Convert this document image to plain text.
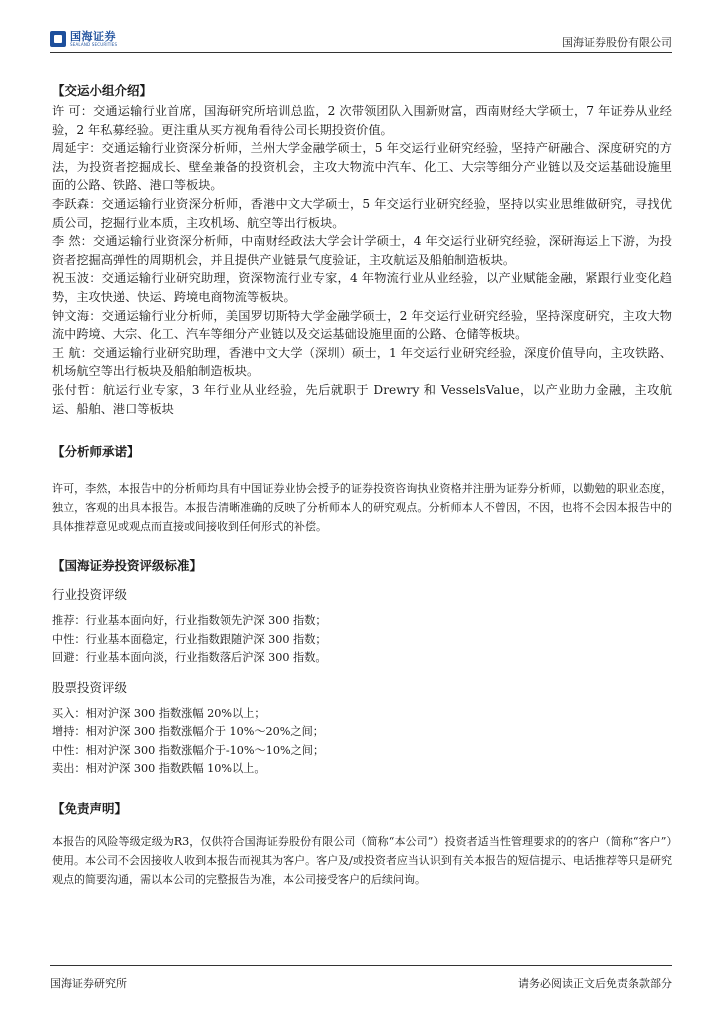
国海证券
SEALAND SECURITIES	国海证券股份有限公司
【交运小组介绍】
许 可：交通运输行业首席，国海研究所培训总监，2 次带领团队入围新财富，西南财经大学硕士，7 年证券从业经验，2 年私募经验。更注重从买方视角看待公司长期投资价值。
周延宇：交通运输行业资深分析师，兰州大学金融学硕士，5 年交运行业研究经验，坚持产研融合、深度研究的方法，为投资者挖掘成长、壁垒兼备的投资机会，主攻大物流中汽车、化工、大宗等细分产业链以及交运基础设施里面的公路、铁路、港口等板块。
李跃森：交通运输行业资深分析师，香港中文大学硕士，5 年交运行业研究经验，坚持以实业思维做研究，寻找优质公司，挖掘行业本质，主攻机场、航空等出行板块。
李 然：交通运输行业资深分析师，中南财经政法大学会计学硕士，4 年交运行业研究经验，深研海运上下游，为投资者挖掘高弹性的周期机会，并且提供产业链景气度验证，主攻航运及船舶制造板块。
祝玉波：交通运输行业研究助理，资深物流行业专家，4 年物流行业从业经验，以产业赋能金融，紧跟行业变化趋势，主攻快递、快运、跨境电商物流等板块。
钟文海：交通运输行业分析师，美国罗切斯特大学金融学硕士，2 年交运行业研究经验，坚持深度研究，主攻大物流中跨境、大宗、化工、汽车等细分产业链以及交运基础设施里面的公路、仓储等板块。
王 航：交通运输行业研究助理，香港中文大学（深圳）硕士，1 年交运行业研究经验，深度价值导向，主攻铁路、机场航空等出行板块及船舶制造板块。
张付哲：航运行业专家，3 年行业从业经验，先后就职于 Drewry 和 VesselsValue，以产业助力金融，主攻航运、船舶、港口等板块
【分析师承诺】
许可，李然，本报告中的分析师均具有中国证券业协会授予的证券投资咨询执业资格并注册为证券分析师，以勤勉的职业态度，独立，客观的出具本报告。本报告清晰准确的反映了分析师本人的研究观点。分析师本人不曾因，不因，也将不会因本报告中的具体推荐意见或观点而直接或间接收到任何形式的补偿。
【国海证券投资评级标准】
行业投资评级
推荐：行业基本面向好，行业指数领先沪深 300 指数；
中性：行业基本面稳定，行业指数跟随沪深 300 指数；
回避：行业基本面向淡，行业指数落后沪深 300 指数。
股票投资评级
买入：相对沪深 300 指数涨幅 20%以上；
增持：相对沪深 300 指数涨幅介于 10%～20%之间；
中性：相对沪深 300 指数涨幅介于-10%～10%之间；
卖出：相对沪深 300 指数跌幅 10%以上。
【免责声明】
本报告的风险等级定级为R3，仅供符合国海证券股份有限公司（简称“本公司”）投资者适当性管理要求的的客户（简称“客户”）使用。本公司不会因接收人收到本报告而视其为客户。客户及/或投资者应当认识到有关本报告的短信提示、电话推荐等只是研究观点的简要沟通，需以本公司的完整报告为准，本公司接受客户的后续问询。
国海证券研究所	请务必阅读正文后免责条款部分
